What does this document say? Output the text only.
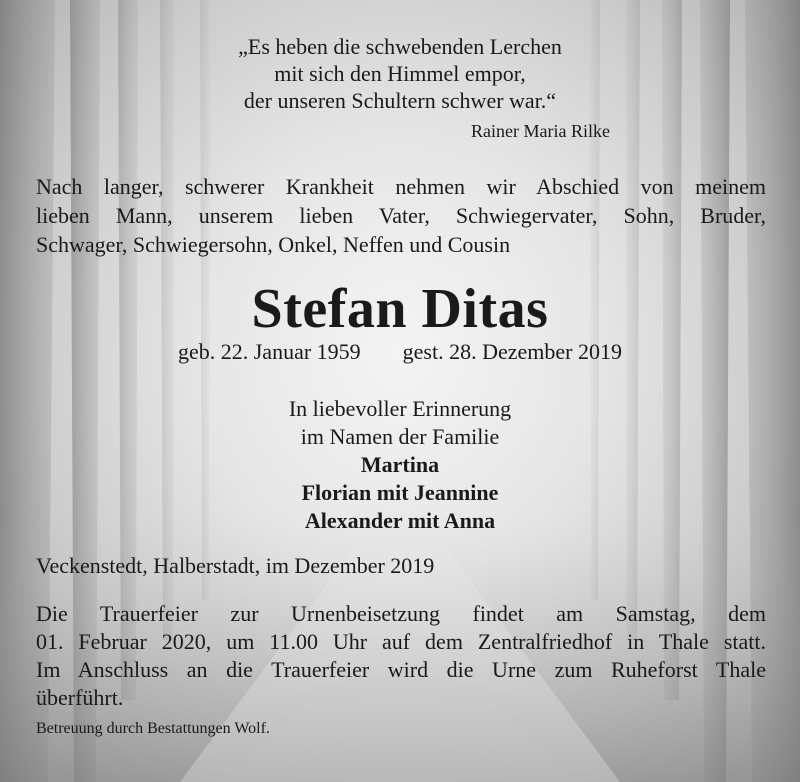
„Es heben die schwebenden Lerchen
mit sich den Himmel empor,
der unseren Schultern schwer war.“
Rainer Maria Rilke
Nach langer, schwerer Krankheit nehmen wir Abschied von meinem
lieben Mann, unserem lieben Vater, Schwiegervater, Sohn, Bruder,
Schwager, Schwiegersohn, Onkel, Neffen und Cousin
Stefan Ditas
geb. 22. Januar 1959 gest. 28. Dezember 2019
In liebevoller Erinnerung
im Namen der Familie
Martina
Florian mit Jeannine
Alexander mit Anna
Veckenstedt, Halberstadt, im Dezember 2019
Die Trauerfeier zur Urnenbeisetzung findet am Samstag, dem
01. Februar 2020, um 11.00 Uhr auf dem Zentralfriedhof in Thale statt.
Im Anschluss an die Trauerfeier wird die Urne zum Ruheforst Thale
überführt.
Betreuung durch Bestattungen Wolf.
